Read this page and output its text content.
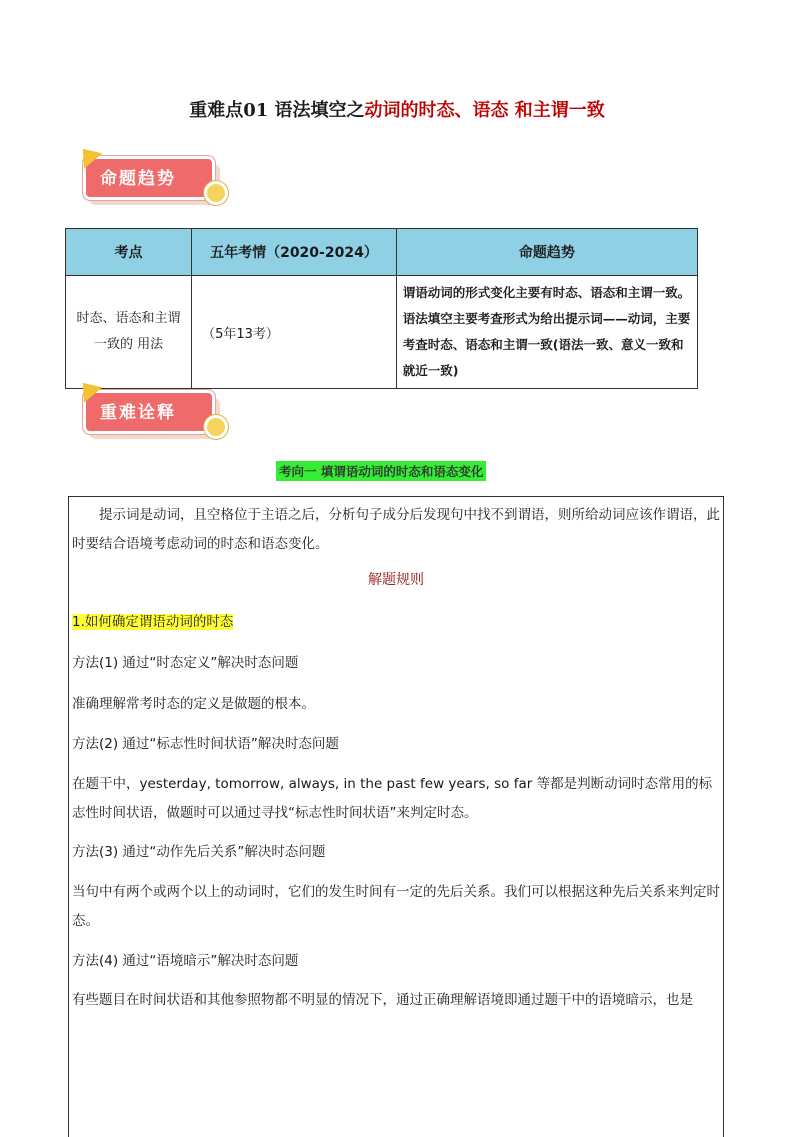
重难点01 语法填空之动词的时态、语态 和主谓一致
命题趋势
考点	五年考情（2020-2024）	命题趋势

时态、语态和主谓
一致的 用法	（5年13考）	谓语动词的形式变化主要有时态、语态和主谓一致。语法填空主要考查形式为给出提示词——动词，主要考查时态、语态和主谓一致(语法一致、意义一致和就近一致)
重难诠释
考向一 填谓语动词的时态和语态变化
提示词是动词，且空格位于主语之后，分析句子成分后发现句中找不到谓语，则所给动词应该作谓语，此时要结合语境考虑动词的时态和语态变化。
解题规则
1.如何确定谓语动词的时态
方法(1) 通过“时态定义”解决时态问题
准确理解常考时态的定义是做题的根本。
方法(2) 通过“标志性时间状语”解决时态问题
在题干中，yesterday, tomorrow, always, in the past few years, so far 等都是判断动词时态常用的标志性时间状语，做题时可以通过寻找“标志性时间状语”来判定时态。
方法(3) 通过“动作先后关系”解决时态问题
当句中有两个或两个以上的动词时，它们的发生时间有一定的先后关系。我们可以根据这种先后关系来判定时态。
方法(4) 通过“语境暗示”解决时态问题
有些题目在时间状语和其他参照物都不明显的情况下，通过正确理解语境即通过题干中的语境暗示，也是
